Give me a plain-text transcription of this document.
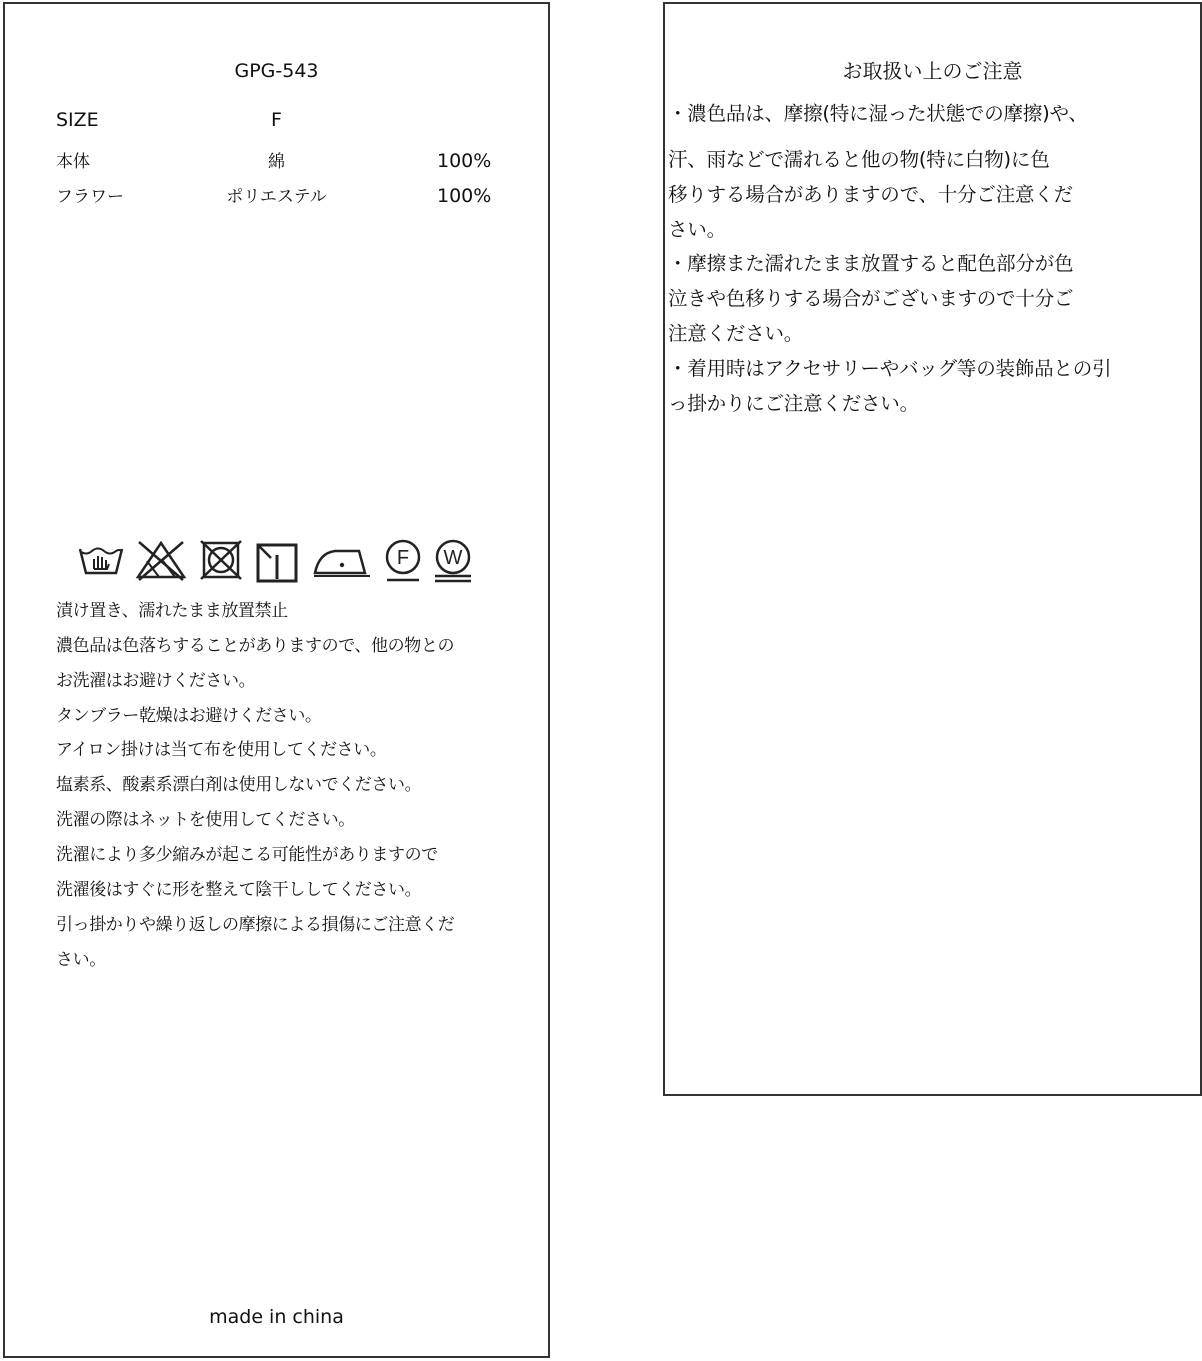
GPG-543
SIZE	F
本体	綿	100%
フラワー	ポリエステル	100%
F W
漬け置き、濡れたまま放置禁止
濃色品は色落ちすることがありますので、他の物との
お洗濯はお避けください。
タンブラー乾燥はお避けください。
アイロン掛けは当て布を使用してください。
塩素系、酸素系漂白剤は使用しないでください。
洗濯の際はネットを使用してください。
洗濯により多少縮みが起こる可能性がありますので
洗濯後はすぐに形を整えて陰干ししてください。
引っ掛かりや繰り返しの摩擦による損傷にご注意くだ
さい。
made in china
お取扱い上のご注意
・濃色品は、摩擦(特に湿った状態での摩擦)や、
汗、雨などで濡れると他の物(特に白物)に色
移りする場合がありますので、十分ご注意くだ
さい。
・摩擦また濡れたまま放置すると配色部分が色
泣きや色移りする場合がございますので十分ご
注意ください。
・着用時はアクセサリーやバッグ等の装飾品との引
っ掛かりにご注意ください。
